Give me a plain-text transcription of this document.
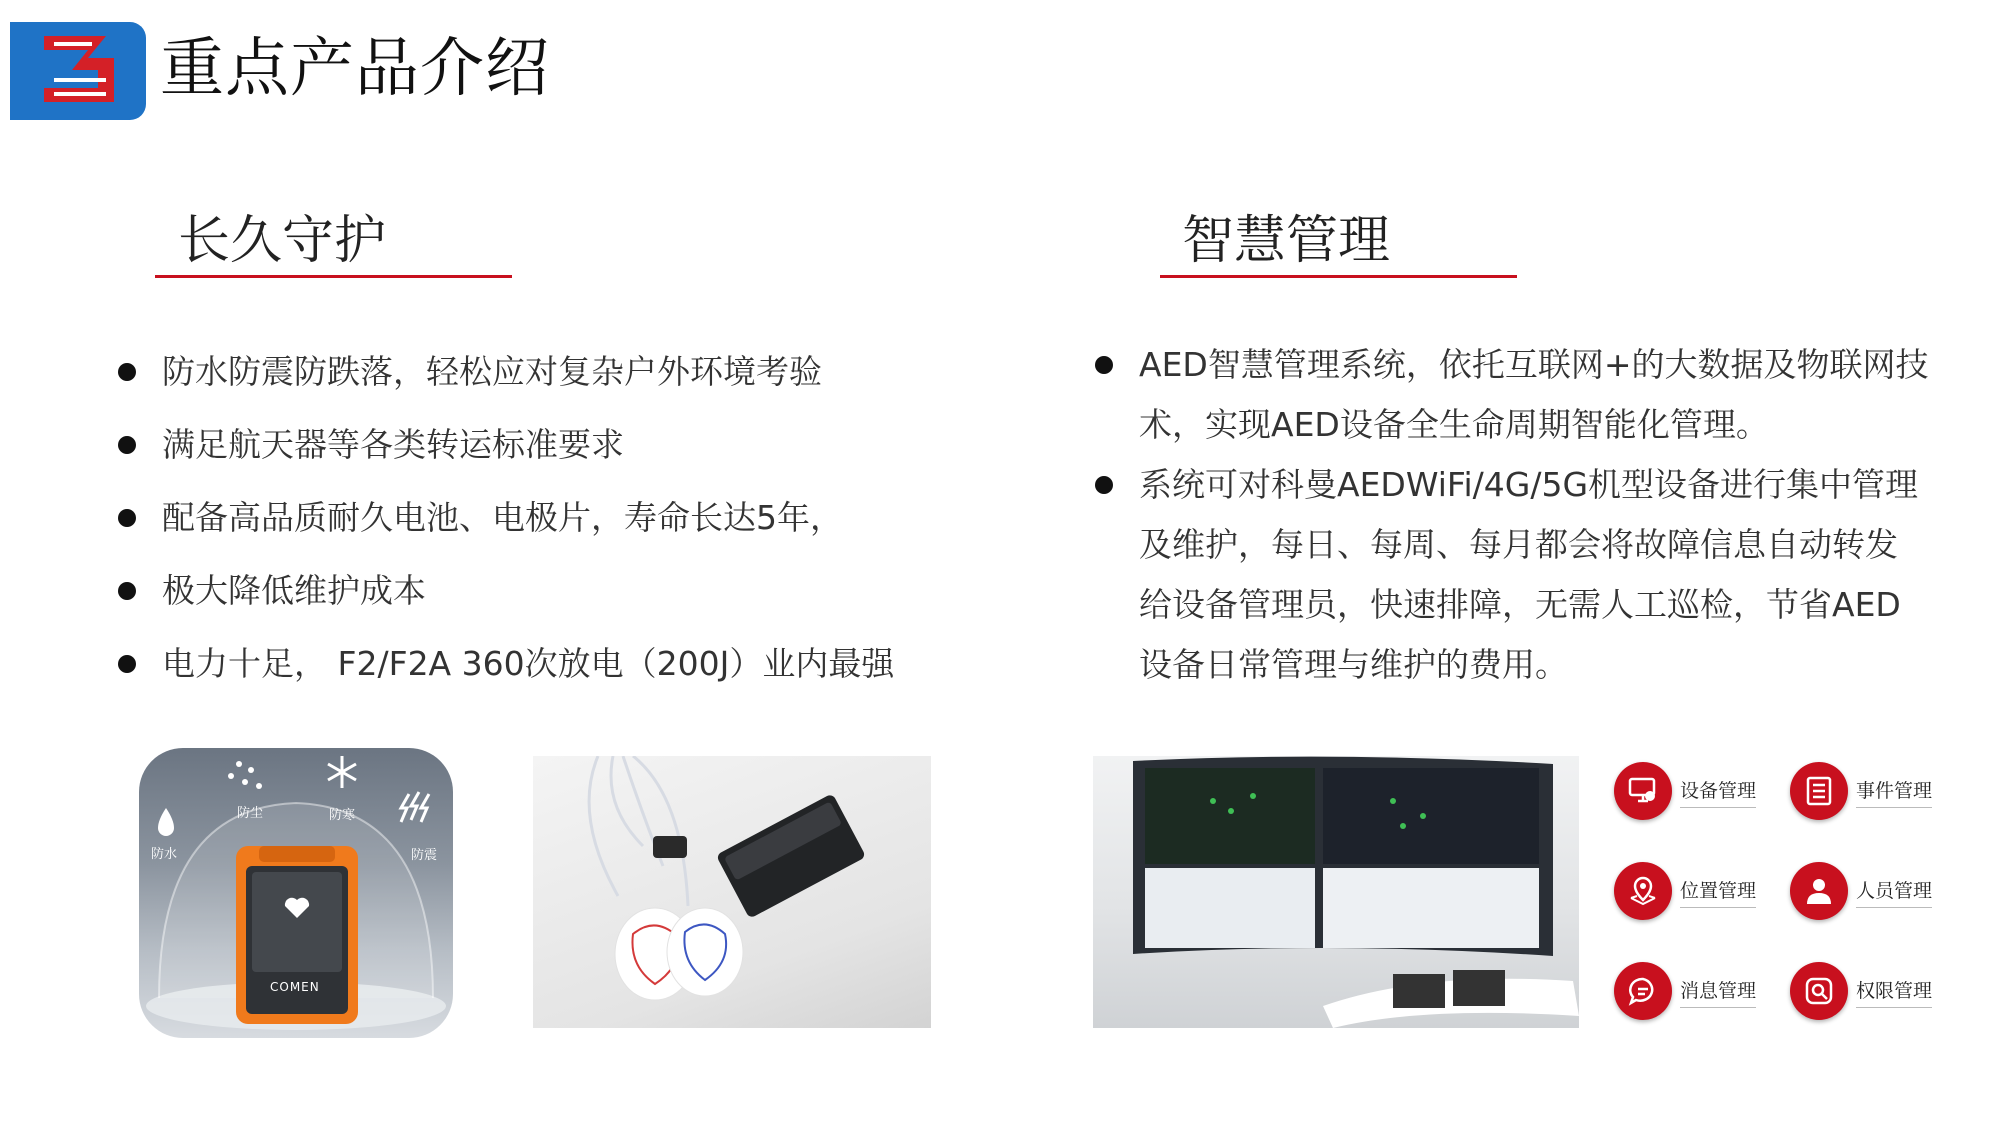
重点产品介绍
长久守护
防水防震防跌落，轻松应对复杂户外环境考验
满足航天器等各类转运标准要求
配备高品质耐久电池、电极片，寿命长达5年，
极大降低维护成本
电力十足， F2/F2A 360次放电（200J）业内最强
防水
防尘	防寒
防震
COMEN
智慧管理
AED智慧管理系统，依托互联网+的大数据及物联网技术，实现AED设备全生命周期智能化管理。
系统可对科曼AEDWiFi/4G/5G机型设备进行集中管理及维护，每日、每周、每月都会将故障信息自动转发给设备管理员，快速排障，无需人工巡检，节省AED设备日常管理与维护的费用。
设备管理	事件管理
位置管理	人员管理
消息管理	权限管理
